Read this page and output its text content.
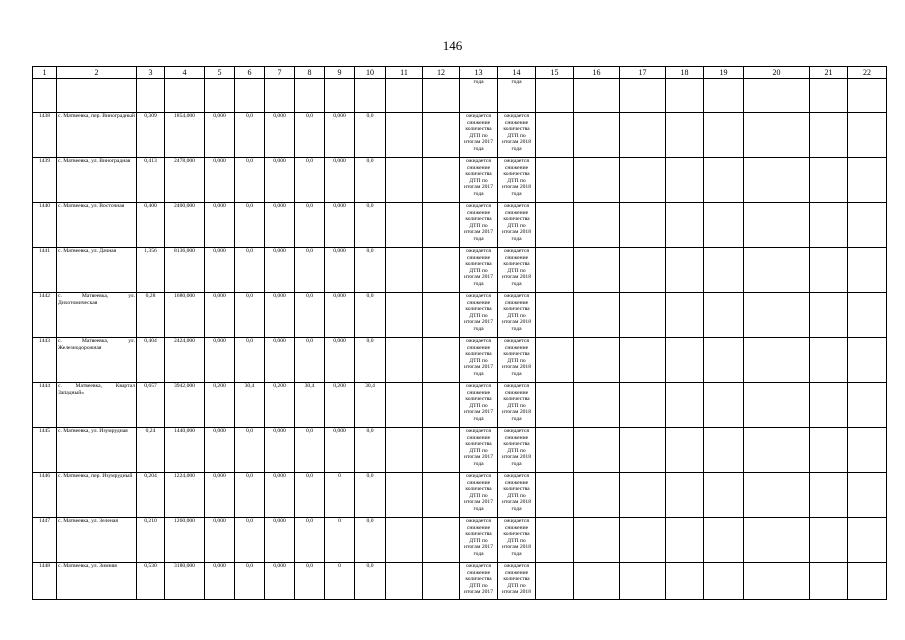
146
1	2	3	4	5	6	7	8	9	10	11	12	13	14	15	16	17	18	19	20	21	22
												года	года								
1438	с. Матвеевка, пер. Виноградный	0,309	1854,000	0,000	0,0	0,000	0,0	0,000	0,0			ожидается снижение количества ДТП по итогам 2017 года	ожидается снижение количества ДТП по итогам 2018 года								
1439	с. Матвеевка, ул. Виноградная	0,413	2478,000	0,000	0,0	0,000	0,0	0,000	0,0			ожидается снижение количества ДТП по итогам 2017 года	ожидается снижение количества ДТП по итогам 2018 года								
1440	с. Матвеевка, ул. Восточная	0,400	2400,000	0,000	0,0	0,000	0,0	0,000	0,0			ожидается снижение количества ДТП по итогам 2017 года	ожидается снижение количества ДТП по итогам 2018 года								
1441	с. Матвеевка, ул. Дачная	1,356	8136,000	0,000	0,0	0,000	0,0	0,000	0,0			ожидается снижение количества ДТП по итогам 2017 года	ожидается снижение количества ДТП по итогам 2018 года								
1442	с. Матвеевка, ул. Дихотомическая	0,28	1680,000	0,000	0,0	0,000	0,0	0,000	0,0			ожидается снижение количества ДТП по итогам 2017 года	ожидается снижение количества ДТП по итогам 2018 года								
1443	с. Матвеевка, ул. Железнодорожная	0,404	2424,000	0,000	0,0	0,000	0,0	0,000	0,0			ожидается снижение количества ДТП по итогам 2017 года	ожидается снижение количества ДТП по итогам 2018 года								
1444	с. Матвеевка, Квартал Западный»	0,657	3942,000	0,200	30,4	0,200	30,4	0,200	30,4			ожидается снижение количества ДТП по итогам 2017 года	ожидается снижение количества ДТП по итогам 2018 года								
1445	с. Матвеевка, ул. Изумрудная	0,24	1440,000	0,000	0,0	0,000	0,0	0,000	0,0			ожидается снижение количества ДТП по итогам 2017 года	ожидается снижение количества ДТП по итогам 2018 года								
1446	с. Матвеевка, пер. Изумрудный	0,204	1224,000	0,000	0,0	0,000	0,0	0	0,0			ожидается снижение количества ДТП по итогам 2017 года	ожидается снижение количества ДТП по итогам 2018 года								
1447	с. Матвеевка, ул. Зеленая	0,210	1260,000	0,000	0,0	0,000	0,0	0	0,0			ожидается снижение количества ДТП по итогам 2017 года	ожидается снижение количества ДТП по итогам 2018 года								
1448	с. Матвеевка, ул. Зимняя	0,530	3180,000	0,000	0,0	0,000	0,0	0	0,0			ожидается снижение количества ДТП по итогам 2017	ожидается снижение количества ДТП по итогам 2018								
